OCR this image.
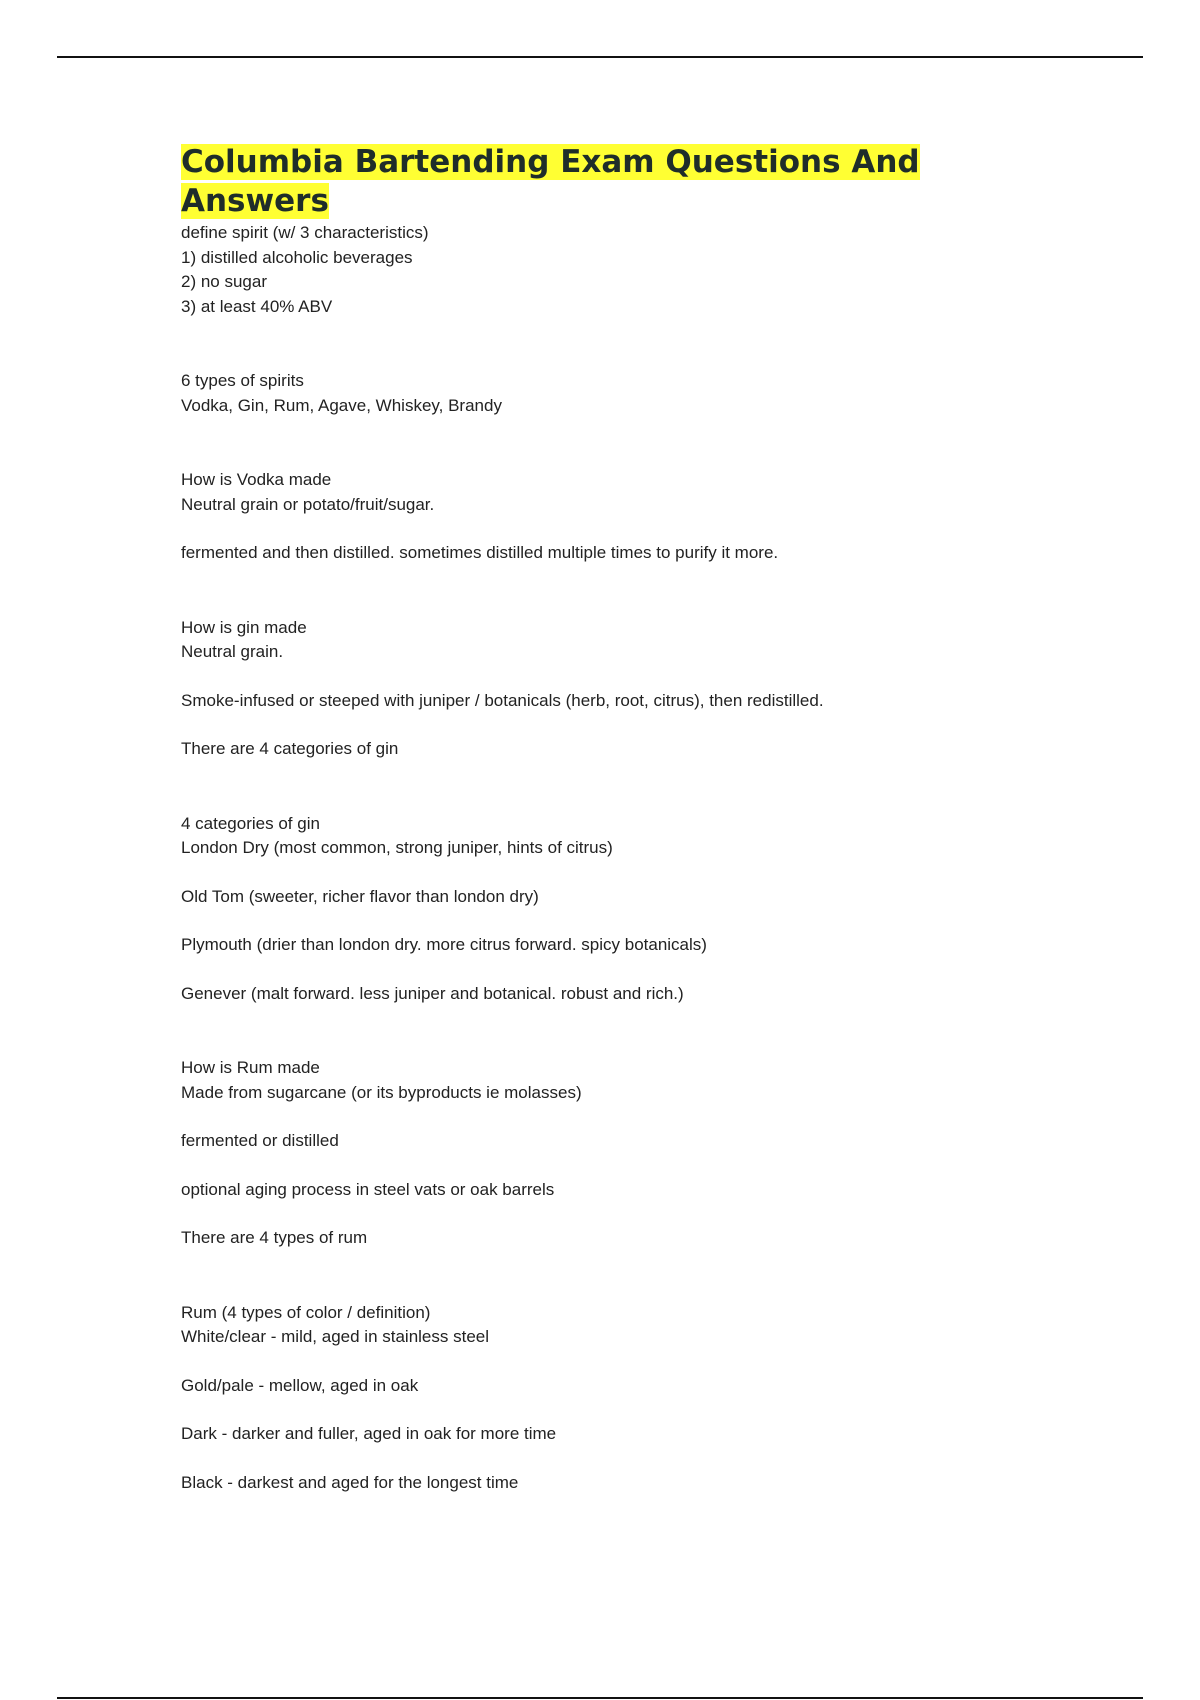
Columbia Bartending Exam Questions And Answers
define spirit (w/ 3 characteristics)
1) distilled alcoholic beverages
2) no sugar
3) at least 40% ABV
6 types of spirits
Vodka, Gin, Rum, Agave, Whiskey, Brandy
How is Vodka made
Neutral grain or potato/fruit/sugar.
fermented and then distilled. sometimes distilled multiple times to purify it more.
How is gin made
Neutral grain.
Smoke-infused or steeped with juniper / botanicals (herb, root, citrus), then redistilled.
There are 4 categories of gin
4 categories of gin
London Dry (most common, strong juniper, hints of citrus)
Old Tom (sweeter, richer flavor than london dry)
Plymouth (drier than london dry. more citrus forward. spicy botanicals)
Genever (malt forward. less juniper and botanical. robust and rich.)
How is Rum made
Made from sugarcane (or its byproducts ie molasses)
fermented or distilled
optional aging process in steel vats or oak barrels
There are 4 types of rum
Rum (4 types of color / definition)
White/clear - mild, aged in stainless steel
Gold/pale - mellow, aged in oak
Dark - darker and fuller, aged in oak for more time
Black - darkest and aged for the longest time
